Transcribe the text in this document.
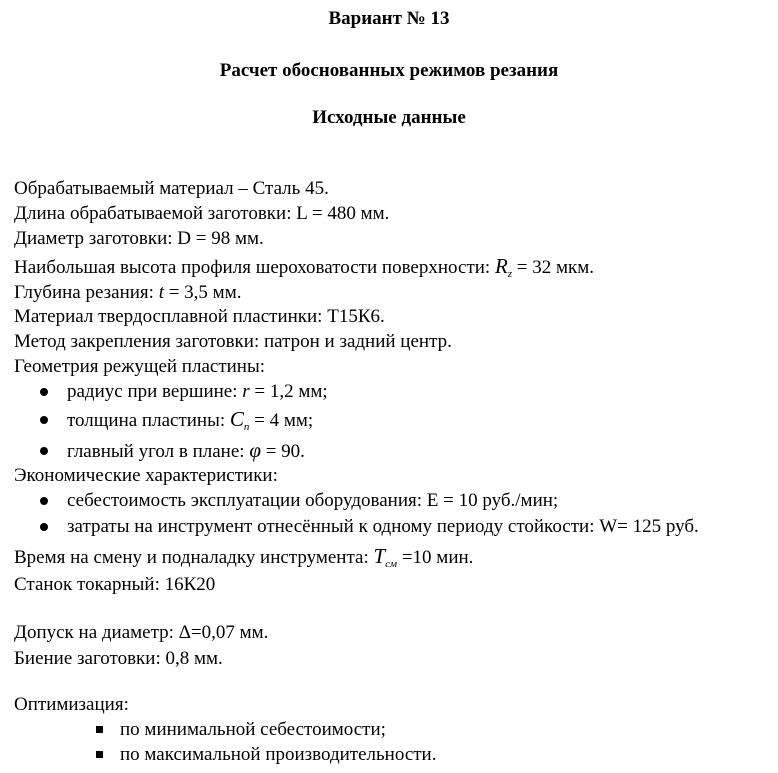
Вариант № 13
Расчет обоснованных режимов резания
Исходные данные
Обрабатываемый материал – Сталь 45.
Длина обрабатываемой заготовки: L = 480 мм.
Диаметр заготовки: D = 98 мм.
Наибольшая высота профиля шероховатости поверхности: $R_z = 32$ мкм.
Глубина резания: t = 3,5 мм.
Материал твердосплавной пластинки: Т15К6.
Метод закрепления заготовки: патрон и задний центр.
Геометрия режущей пластины:
радиус при вершине: r = 1,2 мм;
толщина пластины: $C_n = 4$ мм;
главный угол в плане: φ = 90.
Экономические характеристики:
себестоимость эксплуатации оборудования: Е = 10 руб./мин;
затраты на инструмент отнесённый к одному периоду стойкости: W= 125 руб.
Время на смену и подналадку инструмента: $T_{см} =10$ мин.
Станок токарный: 16К20
Допуск на диаметр: Δ=0,07 мм.
Биение заготовки: 0,8 мм.
Оптимизация:
по минимальной себестоимости;
по максимальной производительности.
